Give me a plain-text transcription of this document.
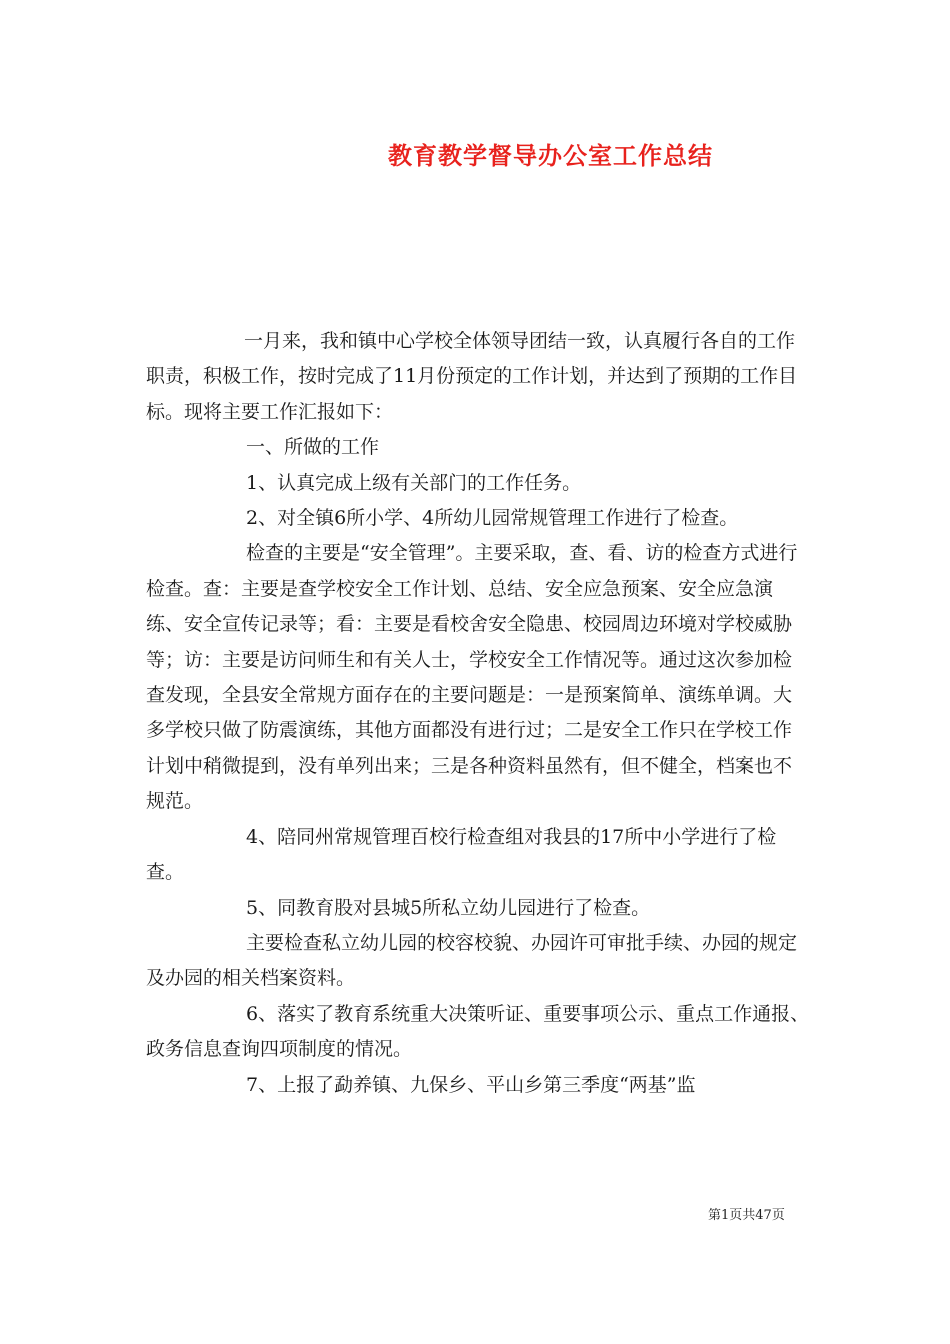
教育教学督导办公室工作总结

一月来，我和镇中心学校全体领导团结一致，认真履行各自的工作职责，积极工作，按时完成了11月份预定的工作计划，并达到了预期的工作目标。现将主要工作汇报如下：

一、所做的工作

1、认真完成上级有关部门的工作任务。

2、对全镇6所小学、4所幼儿园常规管理工作进行了检查。

检查的主要是“安全管理”。主要采取，查、看、访的检查方式进行检查。查：主要是查学校安全工作计划、总结、安全应急预案、安全应急演练、安全宣传记录等；看：主要是看校舍安全隐患、校园周边环境对学校威胁等；访：主要是访问师生和有关人士，学校安全工作情况等。通过这次参加检查发现，全县安全常规方面存在的主要问题是：一是预案简单、演练单调。大多学校只做了防震演练，其他方面都没有进行过；二是安全工作只在学校工作计划中稍微提到，没有单列出来；三是各种资料虽然有，但不健全，档案也不规范。

4、陪同州常规管理百校行检查组对我县的17所中小学进行了检查。

5、同教育股对县城5所私立幼儿园进行了检查。

主要检查私立幼儿园的校容校貌、办园许可审批手续、办园的规定及办园的相关档案资料。

6、落实了教育系统重大决策听证、重要事项公示、重点工作通报、政务信息查询四项制度的情况。

7、上报了勐养镇、九保乡、平山乡第三季度“两基”监

第1页共47页
